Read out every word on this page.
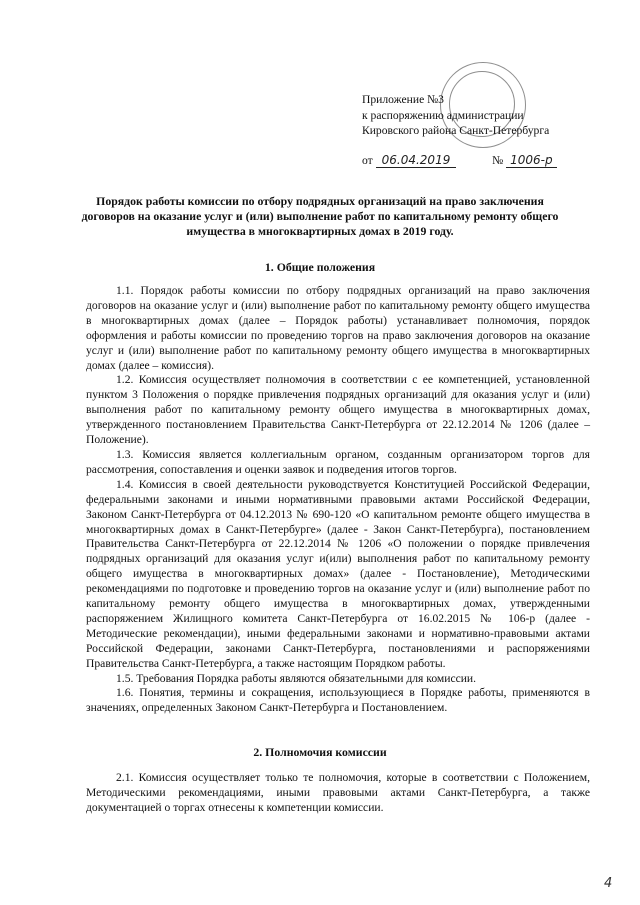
Приложение №3
к распоряжению администрации
Кировского района Санкт-Петербурга
от 06.04.2019	№ 1006-р
Порядок работы комиссии по отбору подрядных организаций на право заключения договоров на оказание услуг и (или) выполнение работ по капитальному ремонту общего имущества в многоквартирных домах в 2019 году.
1. Общие положения

1.1. Порядок работы комиссии по отбору подрядных организаций на право заключения договоров на оказание услуг и (или) выполнение работ по капитальному ремонту общего имущества в многоквартирных домах (далее – Порядок работы) устанавливает полномочия, порядок оформления и работы комиссии по проведению торгов на право заключения договоров на оказание услуг и (или) выполнение работ по капитальному ремонту общего имущества в многоквартирных домах (далее – комиссия).

1.2. Комиссия осуществляет полномочия в соответствии с ее компетенцией, установленной пунктом 3 Положения о порядке привлечения подрядных организаций для оказания услуг и (или) выполнения работ по капитальному ремонту общего имущества в многоквартирных домах, утвержденного постановлением Правительства Санкт-Петербурга от 22.12.2014 № 1206 (далее – Положение).

1.3. Комиссия является коллегиальным органом, созданным организатором торгов для рассмотрения, сопоставления и оценки заявок и подведения итогов торгов.

1.4. Комиссия в своей деятельности руководствуется Конституцией Российской Федерации, федеральными законами и иными нормативными правовыми актами Российской Федерации, Законом Санкт-Петербурга от 04.12.2013 № 690-120 «О капитальном ремонте общего имущества в многоквартирных домах в Санкт-Петербурге» (далее - Закон Санкт-Петербурга), постановлением Правительства Санкт-Петербурга от 22.12.2014 № 1206 «О положении о порядке привлечения подрядных организаций для оказания услуг и(или) выполнения работ по капитальному ремонту общего имущества в многоквартирных домах» (далее - Постановление), Методическими рекомендациями по подготовке и проведению торгов на оказание услуг и (или) выполнение работ по капитальному ремонту общего имущества в многоквартирных домах, утвержденными распоряжением Жилищного комитета Санкт-Петербурга от 16.02.2015 № 106-р (далее - Методические рекомендации), иными федеральными законами и нормативно-правовыми актами Российской Федерации, законами Санкт-Петербурга, постановлениями и распоряжениями Правительства Санкт-Петербурга, а также настоящим Порядком работы.

1.5. Требования Порядка работы являются обязательными для комиссии.

1.6. Понятия, термины и сокращения, использующиеся в Порядке работы, применяются в значениях, определенных Законом Санкт-Петербурга и Постановлением.

2. Полномочия комиссии

2.1. Комиссия осуществляет только те полномочия, которые в соответствии с Положением, Методическими рекомендациями, иными правовыми актами Санкт-Петербурга, а также документацией о торгах отнесены к компетенции комиссии.

4
